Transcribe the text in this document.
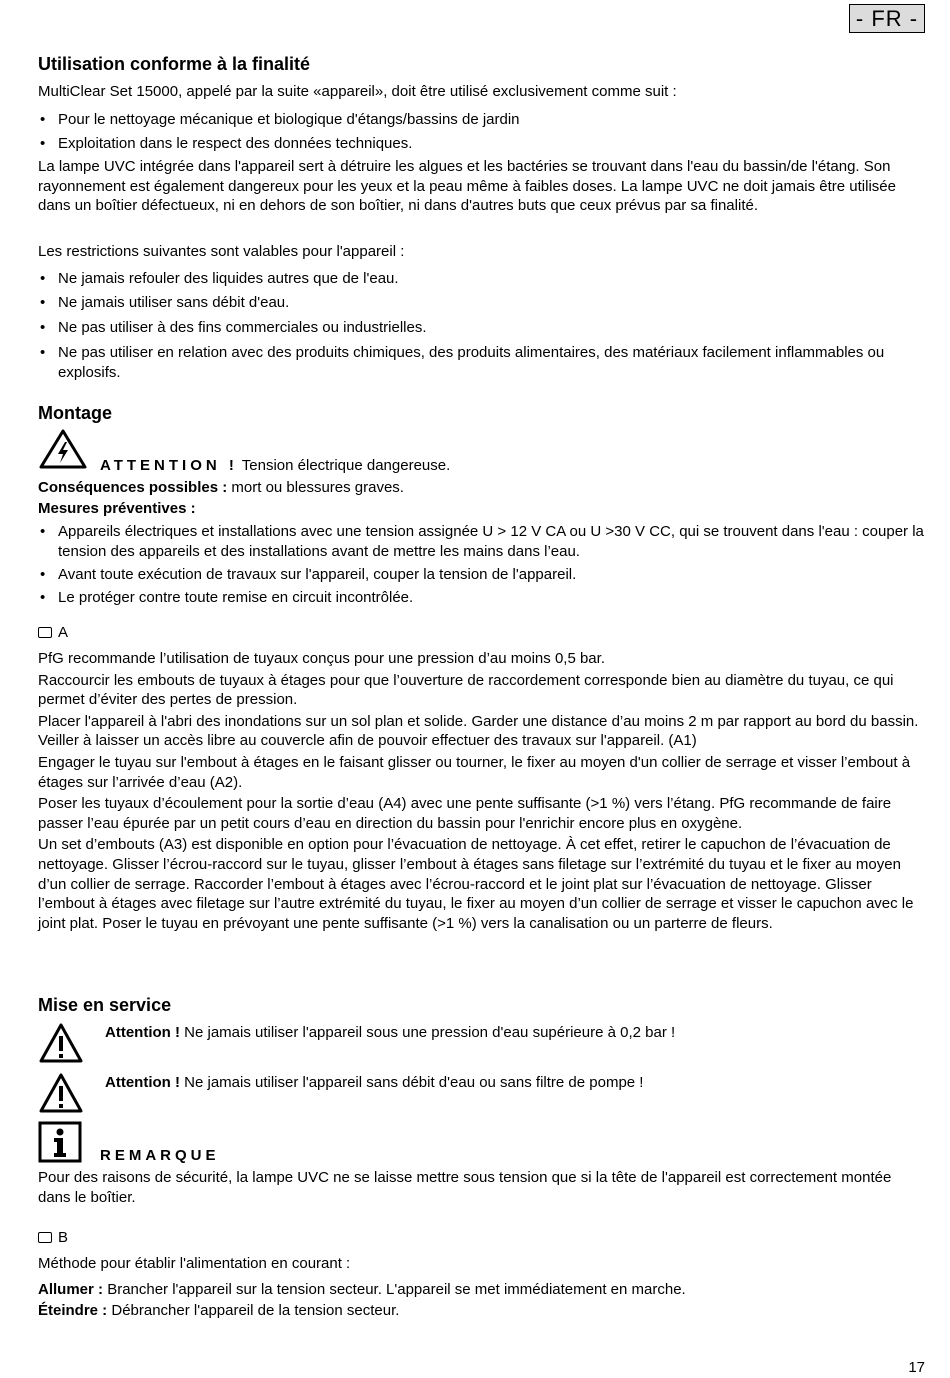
- FR -
Utilisation conforme à la finalité

MultiClear Set 15000, appelé par la suite «appareil», doit être utilisé exclusivement comme suit :

• Pour le nettoyage mécanique et biologique d'étangs/bassins de jardin
• Exploitation dans le respect des données techniques.

La lampe UVC intégrée dans l'appareil sert à détruire les algues et les bactéries se trouvant dans l'eau du bassin/de l'étang. Son rayonnement est également dangereux pour les yeux et la peau même à faibles doses. La lampe UVC ne doit jamais être utilisée dans un boîtier défectueux, ni en dehors de son boîtier, ni dans d'autres buts que ceux prévus par sa finalité.

Les restrictions suivantes sont valables pour l'appareil :

• Ne jamais refouler des liquides autres que de l'eau.
• Ne jamais utiliser sans débit d'eau.
• Ne pas utiliser à des fins commerciales ou industrielles.
• Ne pas utiliser en relation avec des produits chimiques, des produits alimentaires, des matériaux facilement inflammables ou explosifs.
Montage
ATTENTION ! Tension électrique dangereuse.
Conséquences possibles : mort ou blessures graves.
Mesures préventives :
• Appareils électriques et installations avec une tension assignée U > 12 V CA ou U >30 V CC, qui se trouvent dans l'eau : couper la tension des appareils et des installations avant de mettre les mains dans l’eau.
• Avant toute exécution de travaux sur l'appareil, couper la tension de l'appareil.
• Le protéger contre toute remise en circuit incontrôlée.
A

PfG recommande l’utilisation de tuyaux conçus pour une pression d’au moins 0,5 bar.

Raccourcir les embouts de tuyaux à étages pour que l’ouverture de raccordement corresponde bien au diamètre du tuyau, ce qui permet d’éviter des pertes de pression.

Placer l'appareil à l'abri des inondations sur un sol plan et solide. Garder une distance d’au moins 2 m par rapport au bord du bassin. Veiller à laisser un accès libre au couvercle afin de pouvoir effectuer des travaux sur l'appareil. (A1)

Engager le tuyau sur l'embout à étages en le faisant glisser ou tourner, le fixer au moyen d'un collier de serrage et visser l’embout à étages sur l’arrivée d’eau (A2).

Poser les tuyaux d’écoulement pour la sortie d’eau (A4) avec une pente suffisante (>1 %) vers l’étang. PfG recommande de faire passer l’eau épurée par un petit cours d’eau en direction du bassin pour l'enrichir encore plus en oxygène.

Un set d’embouts (A3) est disponible en option pour l’évacuation de nettoyage. À cet effet, retirer le capuchon de l’évacuation de nettoyage. Glisser l’écrou-raccord sur le tuyau, glisser l’embout à étages sans filetage sur l’extrémité du tuyau et le fixer au moyen d’un collier de serrage. Raccorder l’embout à étages avec l’écrou-raccord et le joint plat sur l’évacuation de nettoyage. Glisser l’embout à étages avec filetage sur l’autre extrémité du tuyau, le fixer au moyen d’un collier de serrage et visser le capuchon avec le joint plat. Poser le tuyau en prévoyant une pente suffisante (>1 %) vers la canalisation ou un parterre de fleurs.

Mise en service
Attention ! Ne jamais utiliser l'appareil sous une pression d'eau supérieure à 0,2 bar !
Attention ! Ne jamais utiliser l'appareil sans débit d'eau ou sans filtre de pompe !
REMARQUE

Pour des raisons de sécurité, la lampe UVC ne se laisse mettre sous tension que si la tête de l'appareil est correctement montée dans le boîtier.

B

Méthode pour établir l'alimentation en courant :

Allumer : Brancher l'appareil sur la tension secteur. L'appareil se met immédiatement en marche.
Éteindre : Débrancher l'appareil de la tension secteur.
17
